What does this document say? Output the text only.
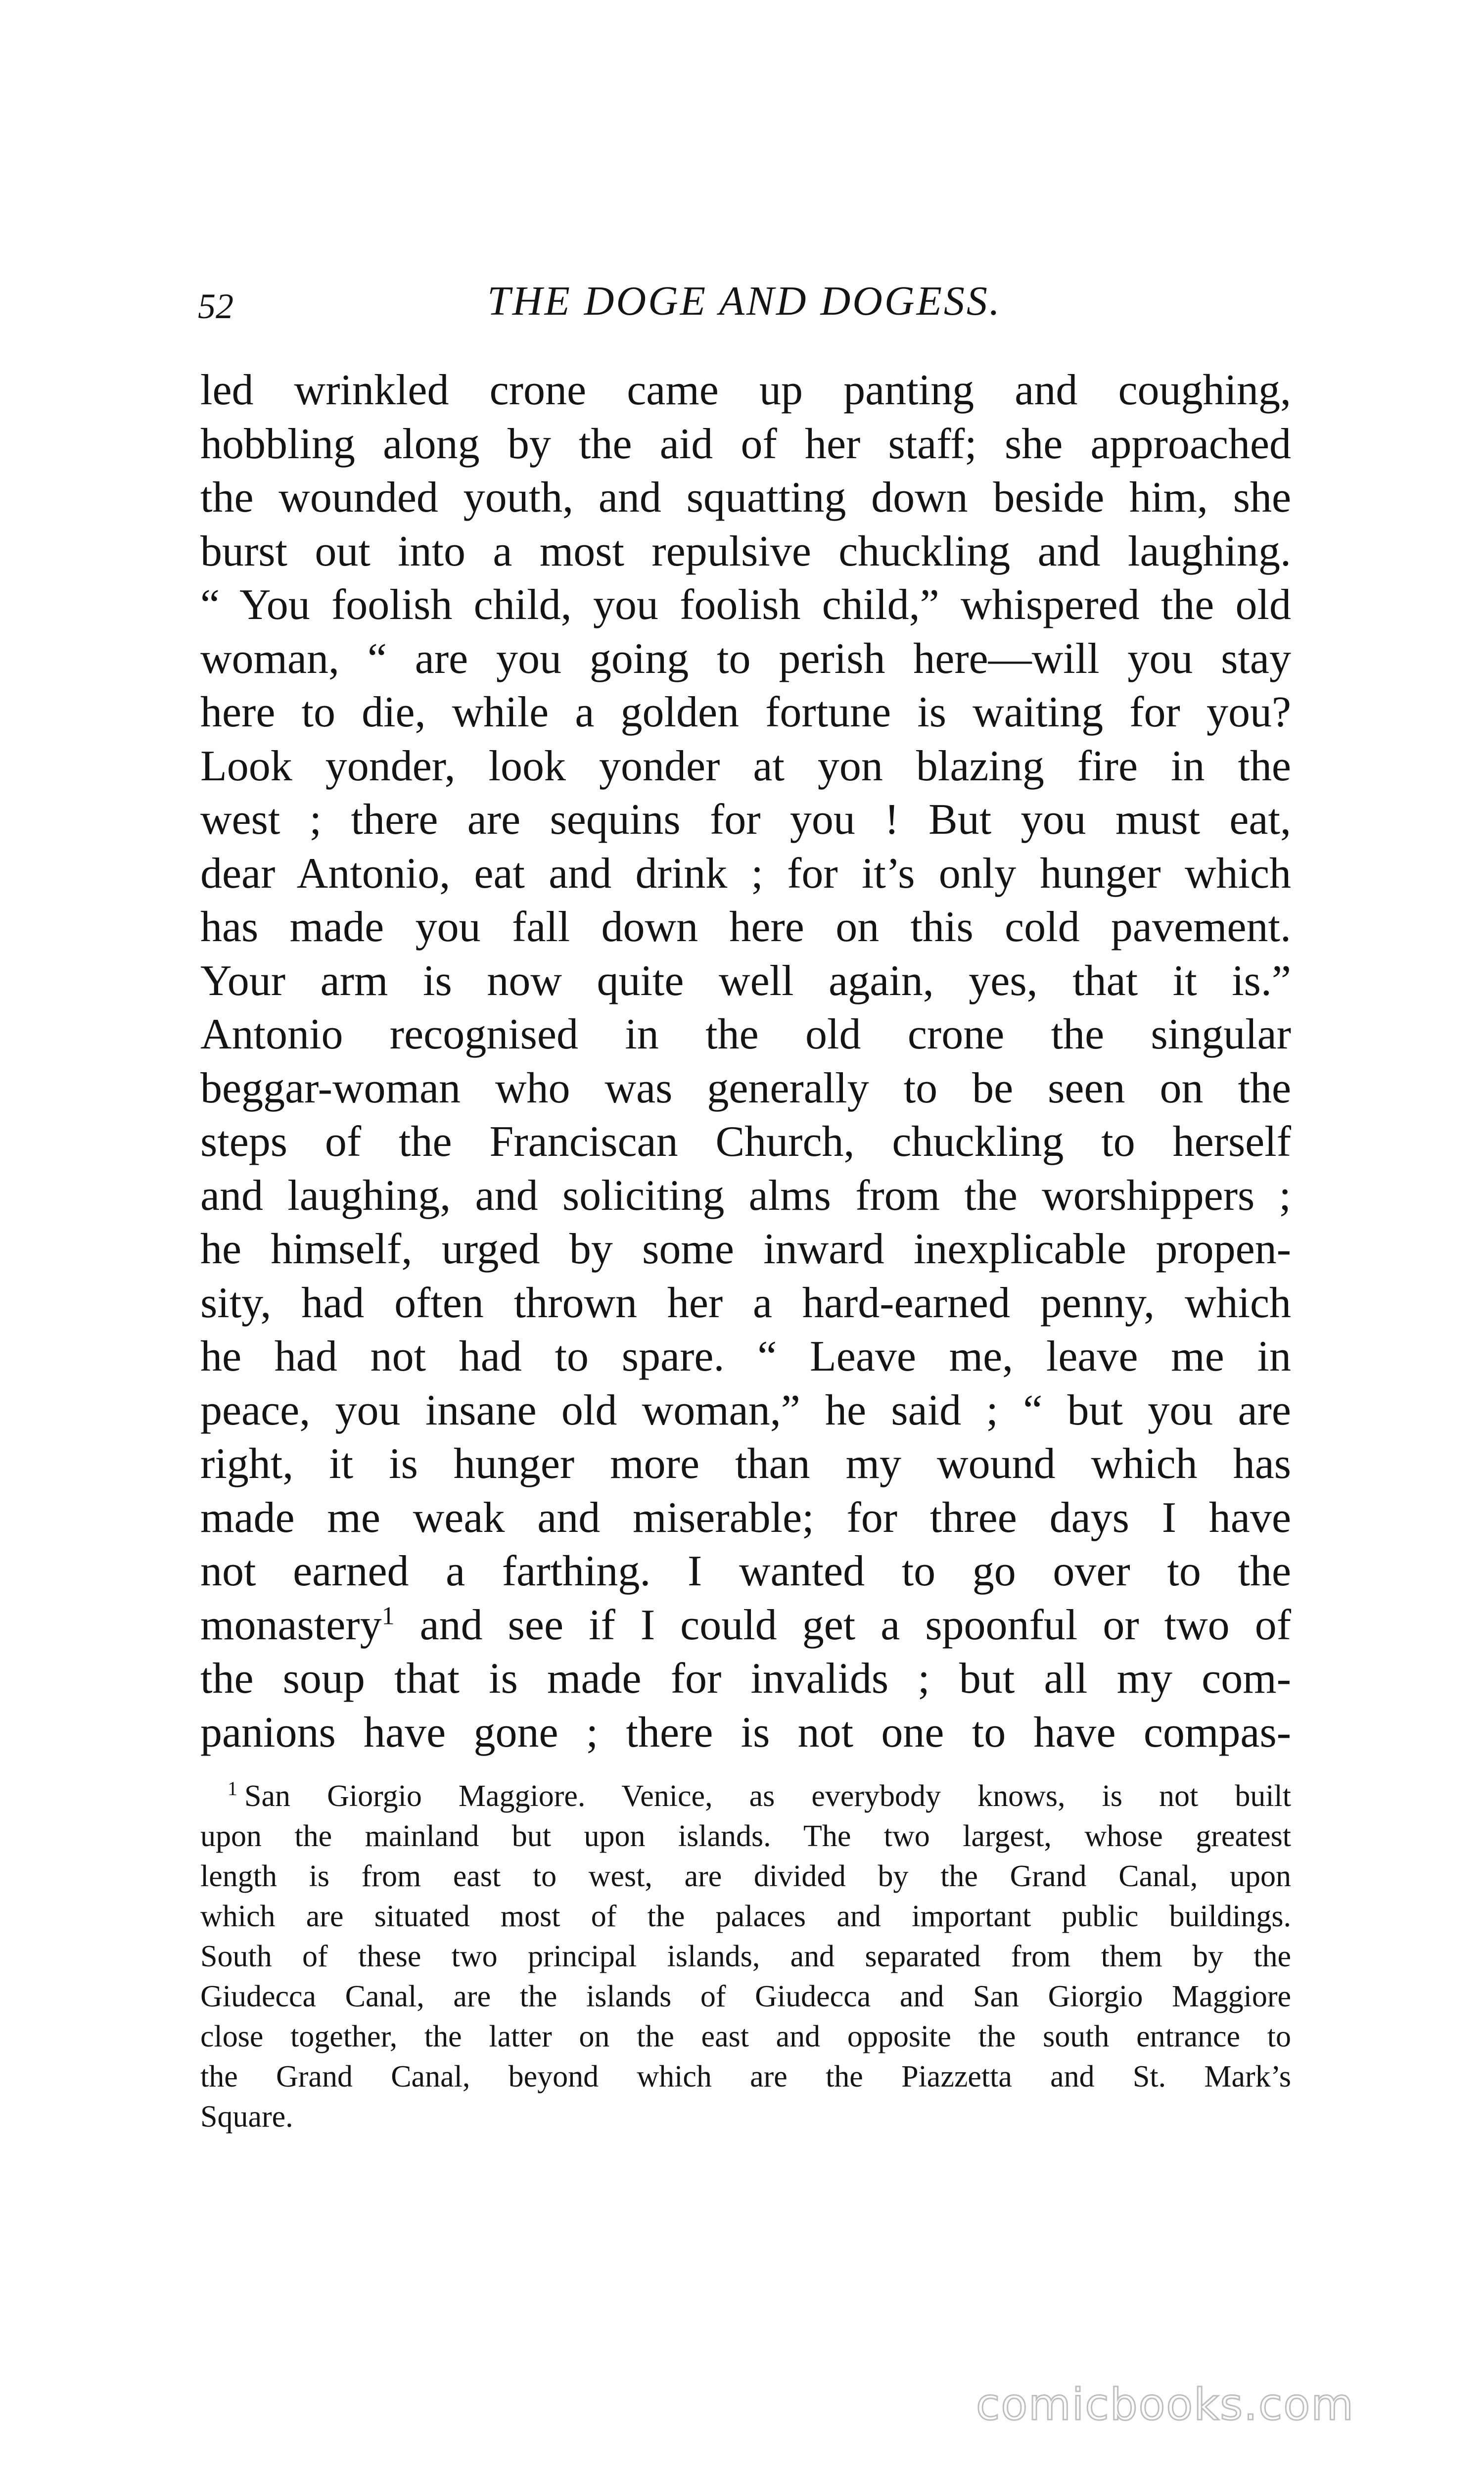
52	THE DOGE AND DOGESS.
led wrinkled crone came up panting and coughing,
hobbling along by the aid of her staff; she approached
the wounded youth, and squatting down beside him, she
burst out into a most repulsive chuckling and laughing.
“ You foolish child, you foolish child,” whispered the old
woman, “ are you going to perish here—will you stay
here to die, while a golden fortune is waiting for you?
Look yonder, look yonder at yon blazing fire in the
west ; there are sequins for you ! But you must eat,
dear Antonio, eat and drink ; for it’s only hunger which
has made you fall down here on this cold pavement.
Your arm is now quite well again, yes, that it is.”
Antonio recognised in the old crone the singular
beggar-woman who was generally to be seen on the
steps of the Franciscan Church, chuckling to herself
and laughing, and soliciting alms from the worshippers ;
he himself, urged by some inward inexplicable propen-
sity, had often thrown her a hard-earned penny, which
he had not had to spare. “ Leave me, leave me in
peace, you insane old woman,” he said ; “ but you are
right, it is hunger more than my wound which has
made me weak and miserable; for three days I have
not earned a farthing. I wanted to go over to the
monastery$^1$ and see if I could get a spoonful or two of
the soup that is made for invalids ; but all my com-
panions have gone ; there is not one to have compas-
$^1$ San Giorgio Maggiore. Venice, as everybody knows, is not built
upon the mainland but upon islands. The two largest, whose greatest
length is from east to west, are divided by the Grand Canal, upon
which are situated most of the palaces and important public buildings.
South of these two principal islands, and separated from them by the
Giudecca Canal, are the islands of Giudecca and San Giorgio Maggiore
close together, the latter on the east and opposite the south entrance to
the Grand Canal, beyond which are the Piazzetta and St. Mark’s
Square.
comicbooks.com
